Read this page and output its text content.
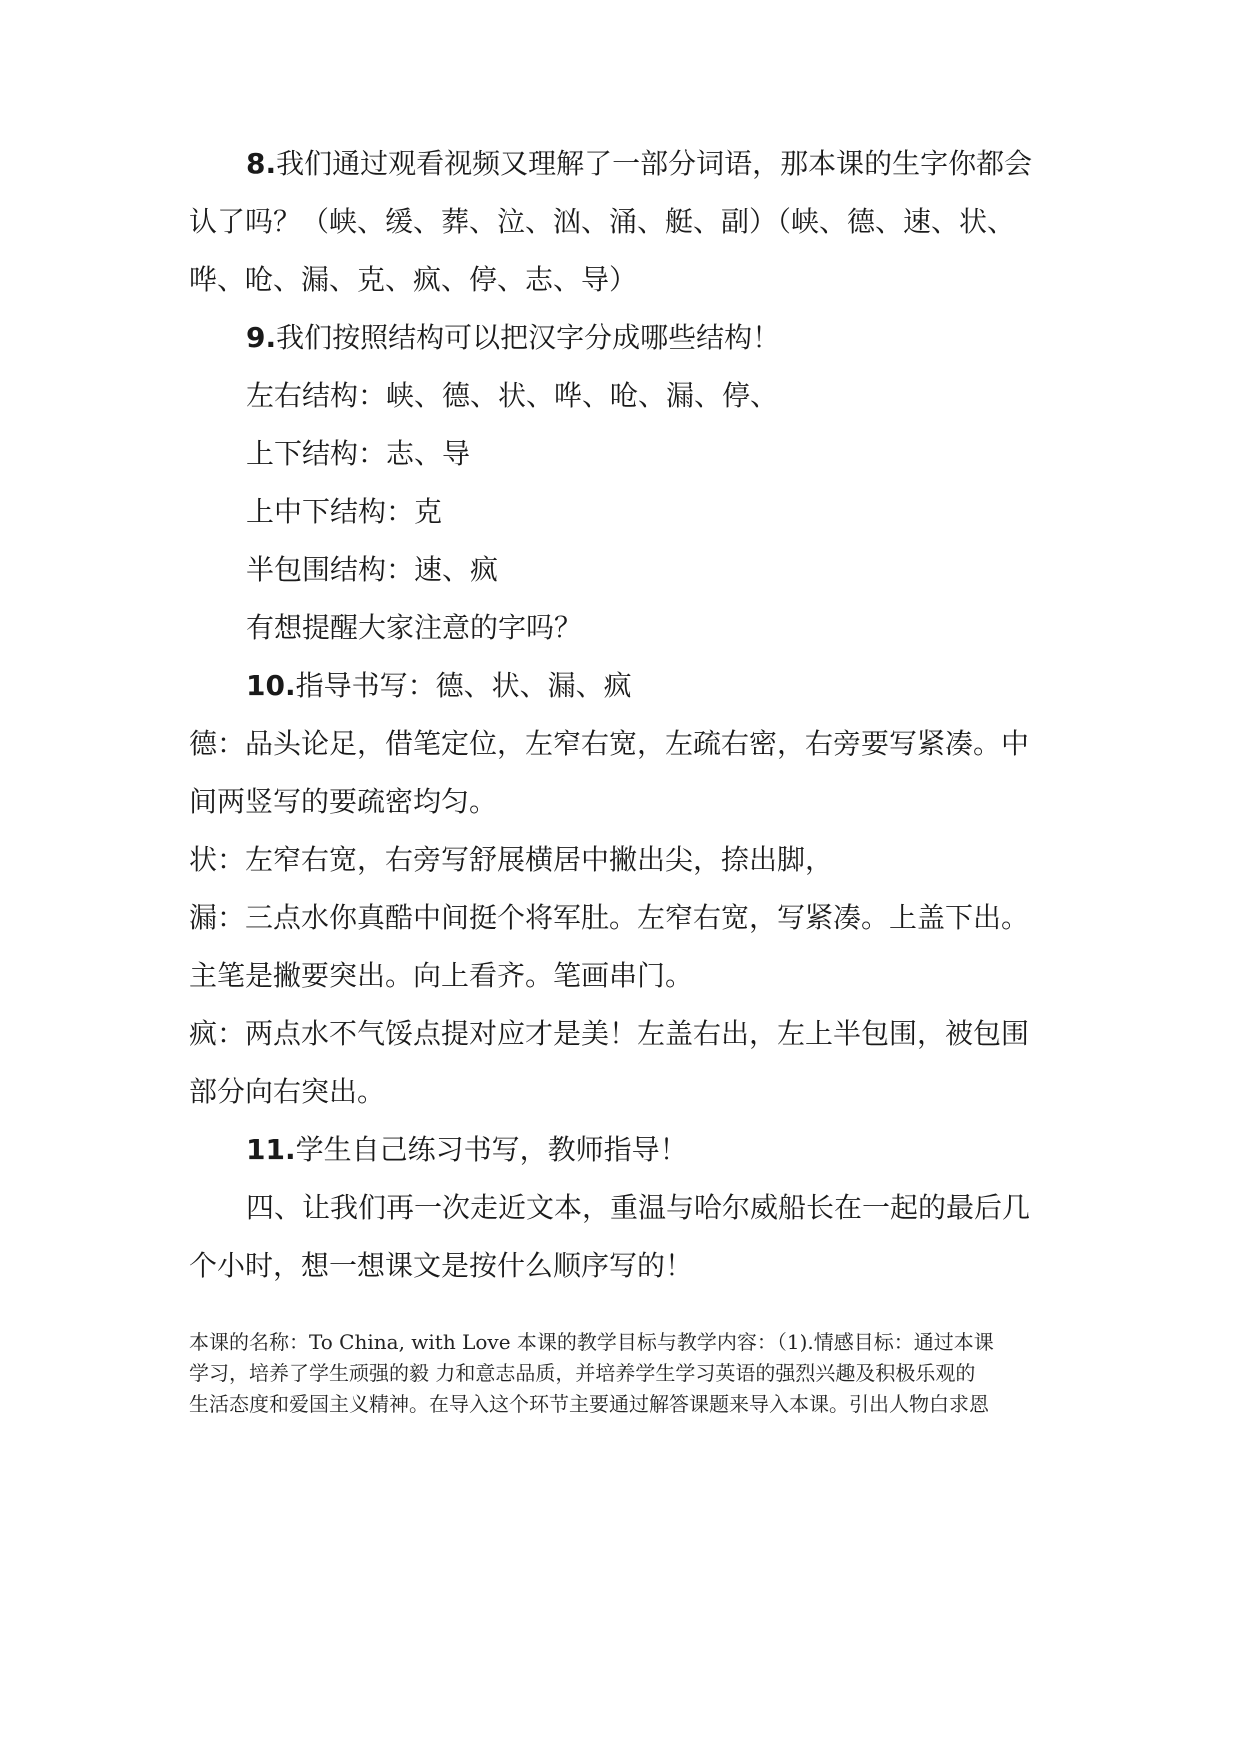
8.我们通过观看视频又理解了一部分词语，那本课的生字你都会

认了吗？（峡、缓、葬、泣、汹、涌、艇、副）（峡、德、速、状、

哗、呛、漏、克、疯、停、志、导）

9.我们按照结构可以把汉字分成哪些结构！

左右结构：峡、德、状、哗、呛、漏、停、

上下结构：志、导

上中下结构：克

半包围结构：速、疯

有想提醒大家注意的字吗？

10.指导书写：德、状、漏、疯

德：品头论足，借笔定位，左窄右宽，左疏右密，右旁要写紧凑。中

间两竖写的要疏密均匀。

状：左窄右宽，右旁写舒展横居中撇出尖，捺出脚，

漏：三点水你真酷中间挺个将军肚。左窄右宽，写紧凑。上盖下出。

主笔是撇要突出。向上看齐。笔画串门。

疯：两点水不气馁点提对应才是美！左盖右出，左上半包围，被包围

部分向右突出。

11.学生自己练习书写，教师指导！

四、让我们再一次走近文本，重温与哈尔威船长在一起的最后几

个小时，想一想课文是按什么顺序写的！

本课的名称：To China, with Love 本课的教学目标与教学内容：（1).情感目标：通过本课

学习，培养了学生顽强的毅 力和意志品质，并培养学生学习英语的强烈兴趣及积极乐观的

生活态度和爱国主义精神。在导入这个环节主要通过解答课题来导入本课。引出人物白求恩
